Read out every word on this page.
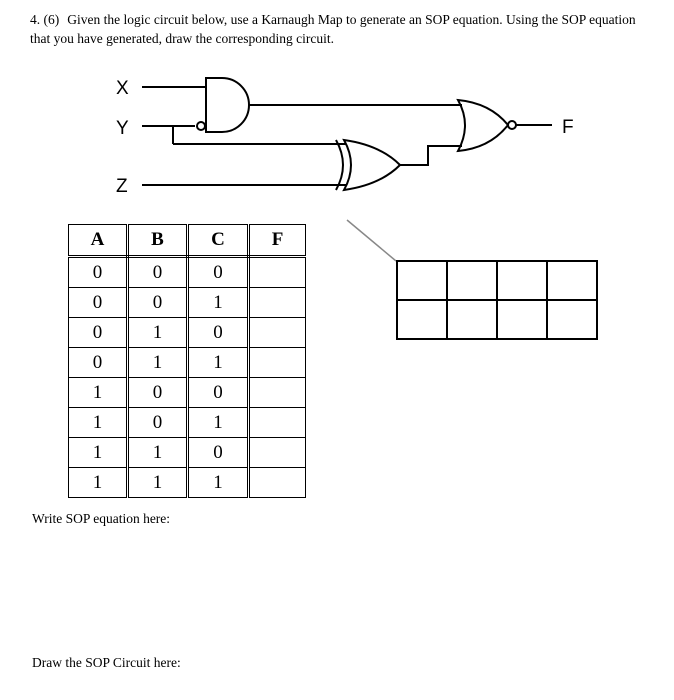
4. (6) Given the logic circuit below, use a Karnaugh Map to generate an SOP equation. Using the SOP equation that you have generated, draw the corresponding circuit.
X
Y
Z
F
A	B	C	F
0	0	0	
0	0	1	
0	1	0	
0	1	1	
1	0	0	
1	0	1	
1	1	0	
1	1	1	

Write SOP equation here:
Draw the SOP Circuit here:
